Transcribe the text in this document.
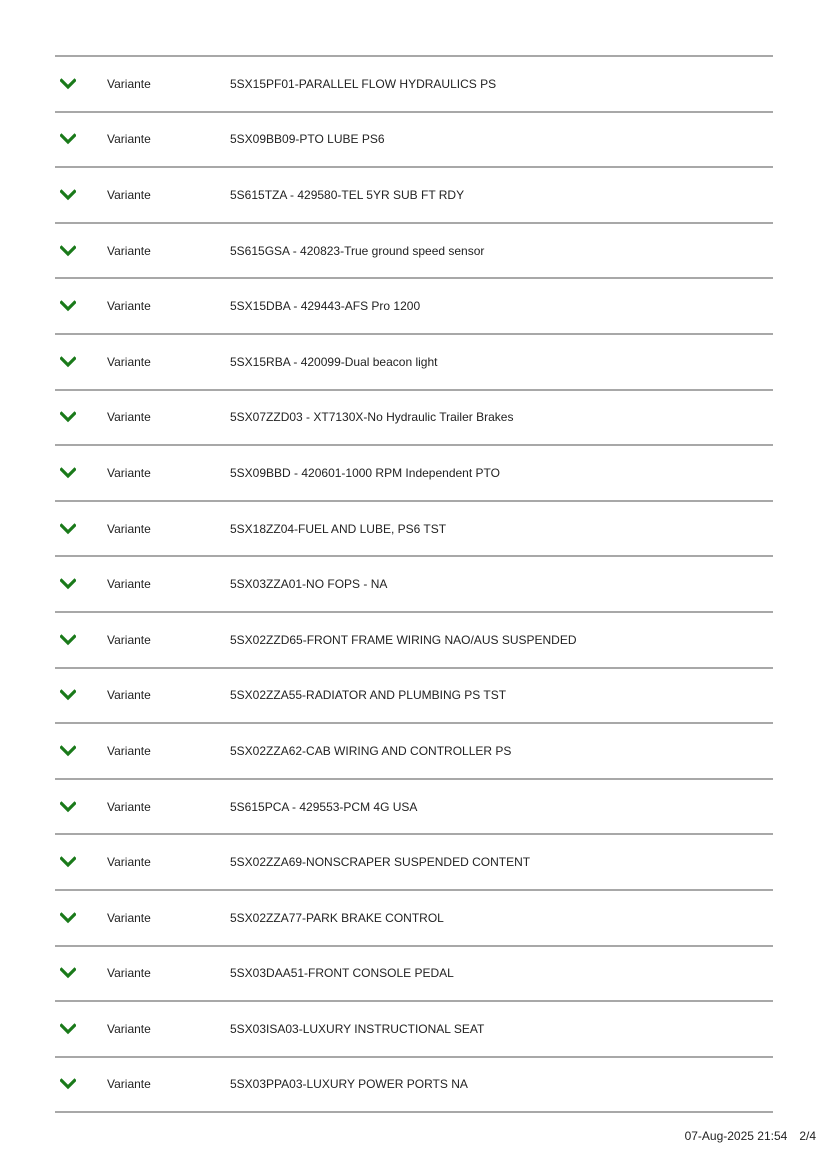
Variante	5SX15PF01-PARALLEL FLOW HYDRAULICS PS
Variante	5SX09BB09-PTO LUBE PS6
Variante	5S615TZA - 429580-TEL 5YR SUB FT RDY
Variante	5S615GSA - 420823-True ground speed sensor
Variante	5SX15DBA - 429443-AFS Pro 1200
Variante	5SX15RBA - 420099-Dual beacon light
Variante	5SX07ZZD03 - XT7130X-No Hydraulic Trailer Brakes
Variante	5SX09BBD - 420601-1000 RPM Independent PTO
Variante	5SX18ZZ04-FUEL AND LUBE, PS6 TST
Variante	5SX03ZZA01-NO FOPS - NA
Variante	5SX02ZZD65-FRONT FRAME WIRING NAO/AUS SUSPENDED
Variante	5SX02ZZA55-RADIATOR AND PLUMBING PS TST
Variante	5SX02ZZA62-CAB WIRING AND CONTROLLER PS
Variante	5S615PCA - 429553-PCM 4G USA
Variante	5SX02ZZA69-NONSCRAPER SUSPENDED CONTENT
Variante	5SX02ZZA77-PARK BRAKE CONTROL
Variante	5SX03DAA51-FRONT CONSOLE PEDAL
Variante	5SX03ISA03-LUXURY INSTRUCTIONAL SEAT
Variante	5SX03PPA03-LUXURY POWER PORTS NA
07-Aug-2025 21:54 2/4
